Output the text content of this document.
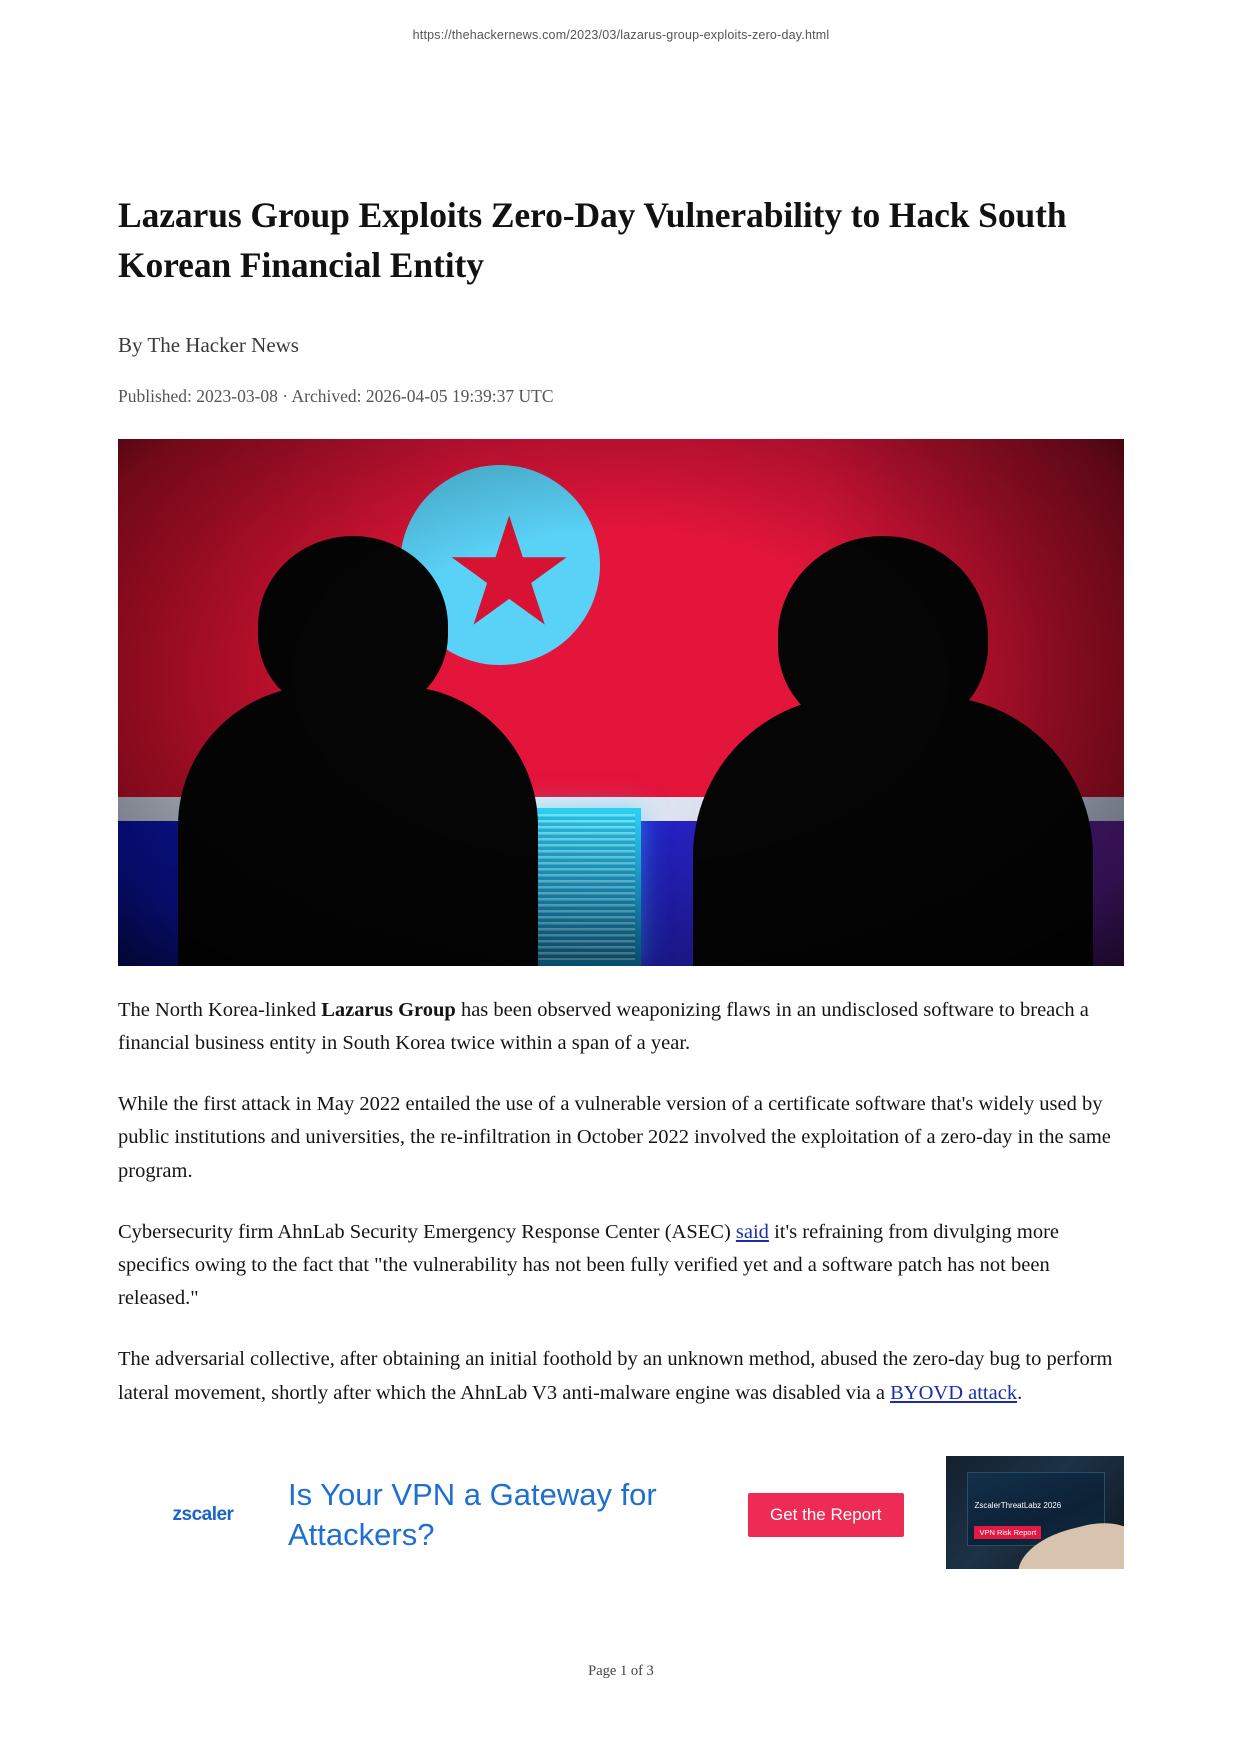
https://thehackernews.com/2023/03/lazarus-group-exploits-zero-day.html
Lazarus Group Exploits Zero-Day Vulnerability to Hack South Korean Financial Entity
By The Hacker News
Published: 2023-03-08 · Archived: 2026-04-05 19:39:37 UTC

The North Korea-linked Lazarus Group has been observed weaponizing flaws in an undisclosed software to breach a financial business entity in South Korea twice within a span of a year.

While the first attack in May 2022 entailed the use of a vulnerable version of a certificate software that's widely used by public institutions and universities, the re-infiltration in October 2022 involved the exploitation of a zero-day in the same program.

Cybersecurity firm AhnLab Security Emergency Response Center (ASEC) said it's refraining from divulging more specifics owing to the fact that "the vulnerability has not been fully verified yet and a software patch has not been released."

The adversarial collective, after obtaining an initial foothold by an unknown method, abused the zero-day bug to perform lateral movement, shortly after which the AhnLab V3 anti-malware engine was disabled via a BYOVD attack.

zscaler
Is Your VPN a Gateway for Attackers?
Get the Report	ZscalerThreatLabz 2026
VPN Risk Report
Page 1 of 3
